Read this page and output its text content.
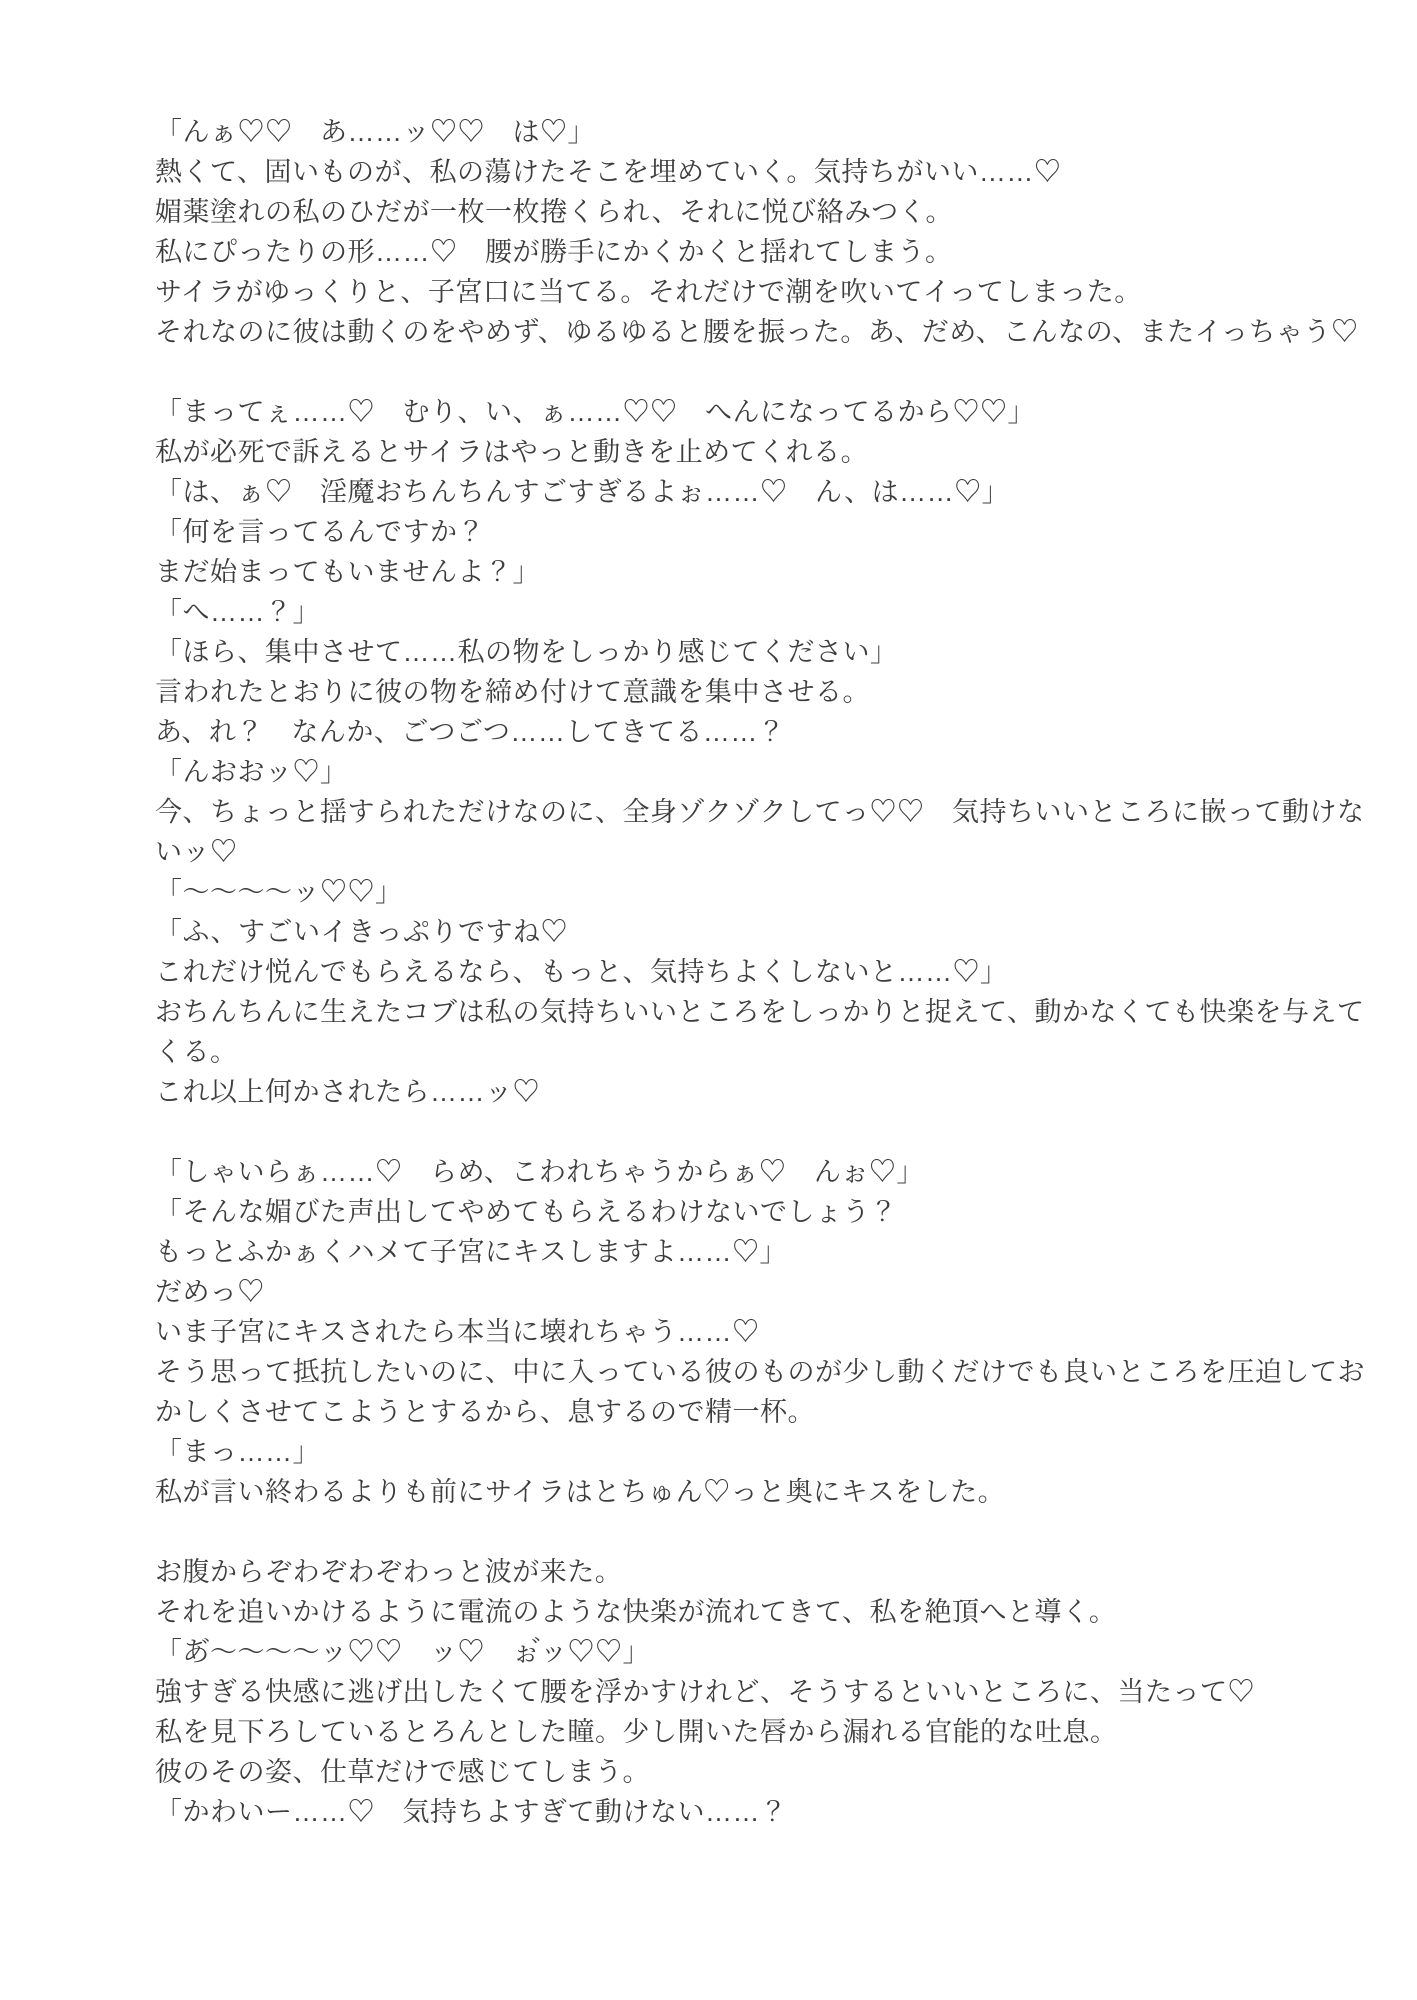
「んぁ♡♡　あ……ッ♡♡　は♡」
熱くて、固いものが、私の蕩けたそこを埋めていく。気持ちがいい……♡
媚薬塗れの私のひだが一枚一枚捲くられ、それに悦び絡みつく。
私にぴったりの形……♡　腰が勝手にかくかくと揺れてしまう。
サイラがゆっくりと、子宮口に当てる。それだけで潮を吹いてイってしまった。
それなのに彼は動くのをやめず、ゆるゆると腰を振った。あ、だめ、こんなの、またイっちゃう♡
「まってぇ……♡　むり、い、ぁ……♡♡　へんになってるから♡♡」
私が必死で訴えるとサイラはやっと動きを止めてくれる。
「は、ぁ♡　淫魔おちんちんすごすぎるよぉ……♡　ん、は……♡」
「何を言ってるんですか？
まだ始まってもいませんよ？」
「へ……？」
「ほら、集中させて……私の物をしっかり感じてください」
言われたとおりに彼の物を締め付けて意識を集中させる。
あ、れ？　なんか、ごつごつ……してきてる……？
「んおおッ♡」
今、ちょっと揺すられただけなのに、全身ゾクゾクしてっ♡♡　気持ちいいところに嵌って動けな
いッ♡
「〜〜〜〜ッ♡♡」
「ふ、すごいイきっぷりですね♡
これだけ悦んでもらえるなら、もっと、気持ちよくしないと……♡」
おちんちんに生えたコブは私の気持ちいいところをしっかりと捉えて、動かなくても快楽を与えて
くる。
これ以上何かされたら……ッ♡
「しゃいらぁ……♡　らめ、こわれちゃうからぁ♡　んぉ♡」
「そんな媚びた声出してやめてもらえるわけないでしょう？
もっとふかぁくハメて子宮にキスしますよ……♡」
だめっ♡
いま子宮にキスされたら本当に壊れちゃう……♡
そう思って抵抗したいのに、中に入っている彼のものが少し動くだけでも良いところを圧迫してお
かしくさせてこようとするから、息するので精一杯。
「まっ……」
私が言い終わるよりも前にサイラはとちゅん♡っと奥にキスをした。
お腹からぞわぞわぞわっと波が来た。
それを追いかけるように電流のような快楽が流れてきて、私を絶頂へと導く。
「あ゙〜〜〜〜ッ♡♡　ッ♡　ぉ゙ッ♡♡」
強すぎる快感に逃げ出したくて腰を浮かすけれど、そうするといいところに、当たって♡
私を見下ろしているとろんとした瞳。少し開いた唇から漏れる官能的な吐息。
彼のその姿、仕草だけで感じてしまう。
「かわいー……♡　気持ちよすぎて動けない……？
